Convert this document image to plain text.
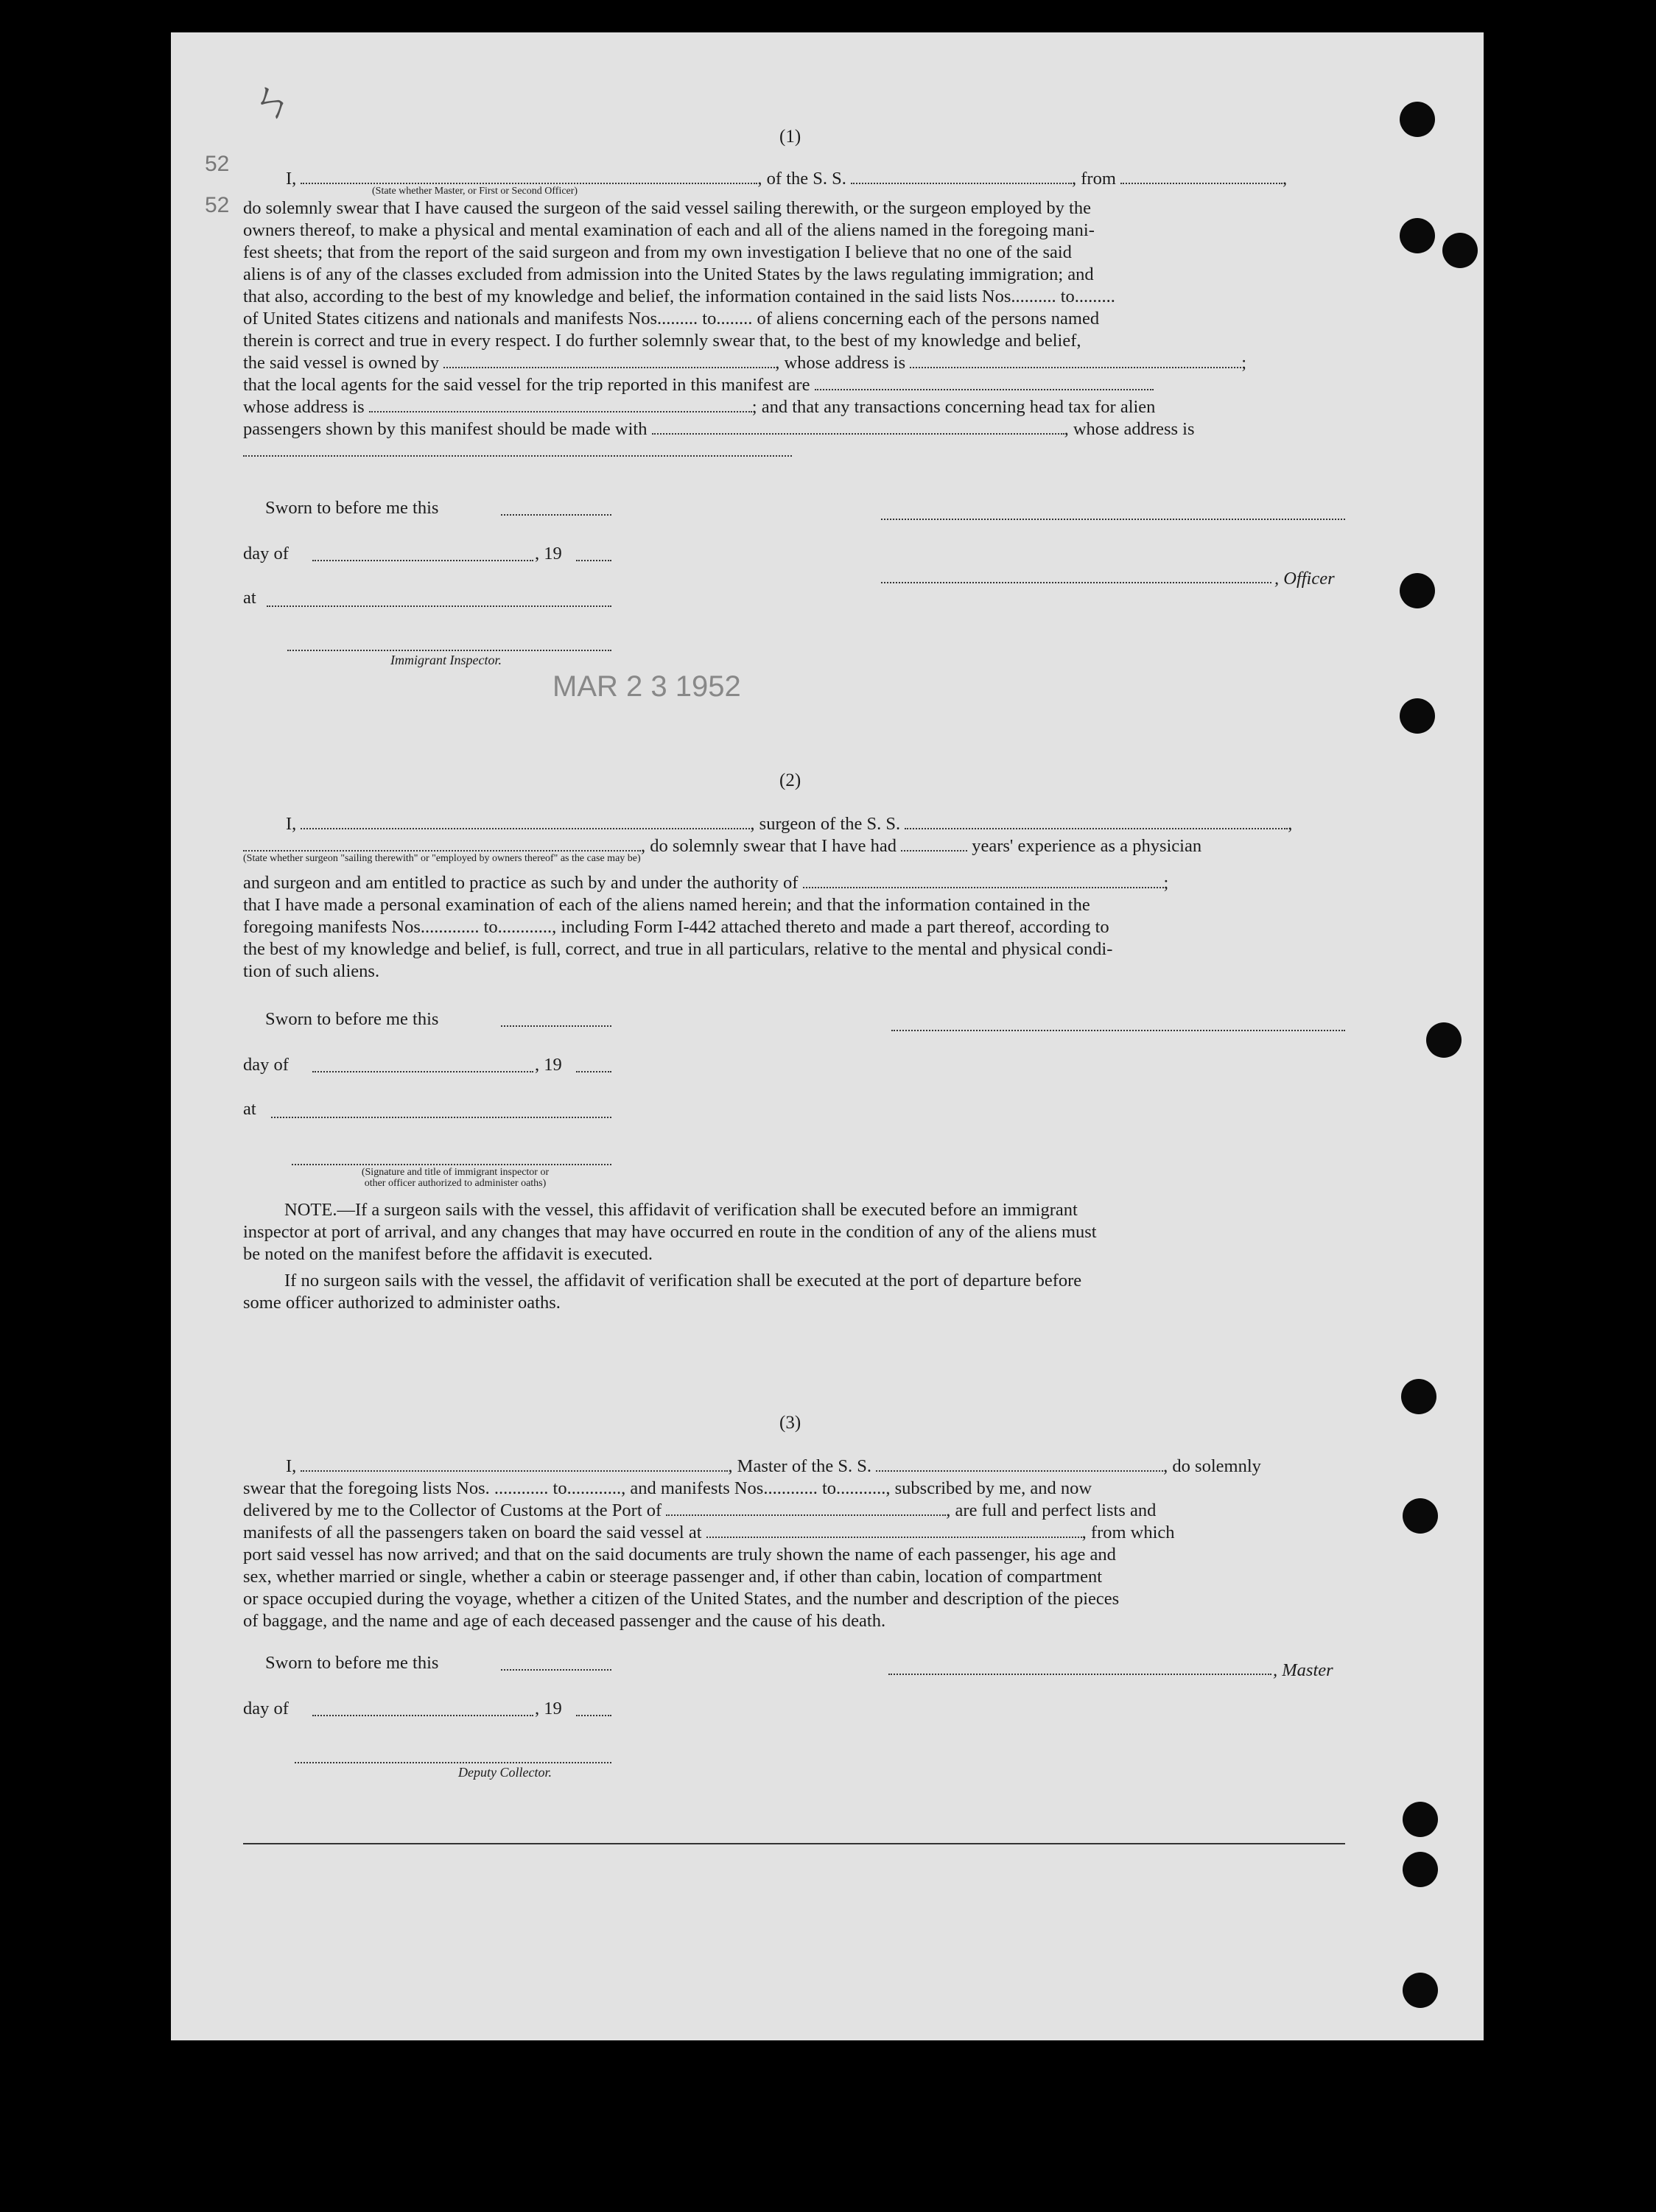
ㄣ
52
52
MAR 2 3 1952
(1)
I,	, of the S. S.	, from	,
(State whether Master, or First or Second Officer)
do solemnly swear that I have caused the surgeon of the said vessel sailing therewith, or the surgeon employed by the
owners thereof, to make a physical and mental examination of each and all of the aliens named in the foregoing mani-
fest sheets; that from the report of the said surgeon and from my own investigation I believe that no one of the said
aliens is of any of the classes excluded from admission into the United States by the laws regulating immigration; and
that also, according to the best of my knowledge and belief, the information contained in the said lists Nos.......... to.........
of United States citizens and nationals and manifests Nos......... to........ of aliens concerning each of the persons named
therein is correct and true in every respect. I do further solemnly swear that, to the best of my knowledge and belief,
the said vessel is owned by	, whose address is	;
that the local agents for the said vessel for the trip reported in this manifest are
whose address is	; and that any transactions concerning head tax for alien
passengers shown by this manifest should be made with	, whose address is
Sworn to before me this
day of	, 19
, Officer
at
Immigrant Inspector.
(2)
I,	, surgeon of the S. S.	,
, do solemnly swear that I have had	years' experience as a physician
(State whether surgeon "sailing therewith" or "employed by owners thereof" as the case may be)
and surgeon and am entitled to practice as such by and under the authority of	;
that I have made a personal examination of each of the aliens named herein; and that the information contained in the
foregoing manifests Nos............. to............, including Form I-442 attached thereto and made a part thereof, according to
the best of my knowledge and belief, is full, correct, and true in all particulars, relative to the mental and physical condi-
tion of such aliens.
Sworn to before me this
day of	, 19
at
(Signature and title of immigrant inspector or
other officer authorized to administer oaths)
NOTE.—If a surgeon sails with the vessel, this affidavit of verification shall be executed before an immigrant
inspector at port of arrival, and any changes that may have occurred en route in the condition of any of the aliens must
be noted on the manifest before the affidavit is executed.
If no surgeon sails with the vessel, the affidavit of verification shall be executed at the port of departure before
some officer authorized to administer oaths.
(3)
I,	, Master of the S. S.	, do solemnly
swear that the foregoing lists Nos. ............ to............, and manifests Nos............ to..........., subscribed by me, and now
delivered by me to the Collector of Customs at the Port of	, are full and perfect lists and
manifests of all the passengers taken on board the said vessel at	, from which
port said vessel has now arrived; and that on the said documents are truly shown the name of each passenger, his age and
sex, whether married or single, whether a cabin or steerage passenger and, if other than cabin, location of compartment
or space occupied during the voyage, whether a citizen of the United States, and the number and description of the pieces
of baggage, and the name and age of each deceased passenger and the cause of his death.
Sworn to before me this	, Master
day of	, 19
Deputy Collector.
